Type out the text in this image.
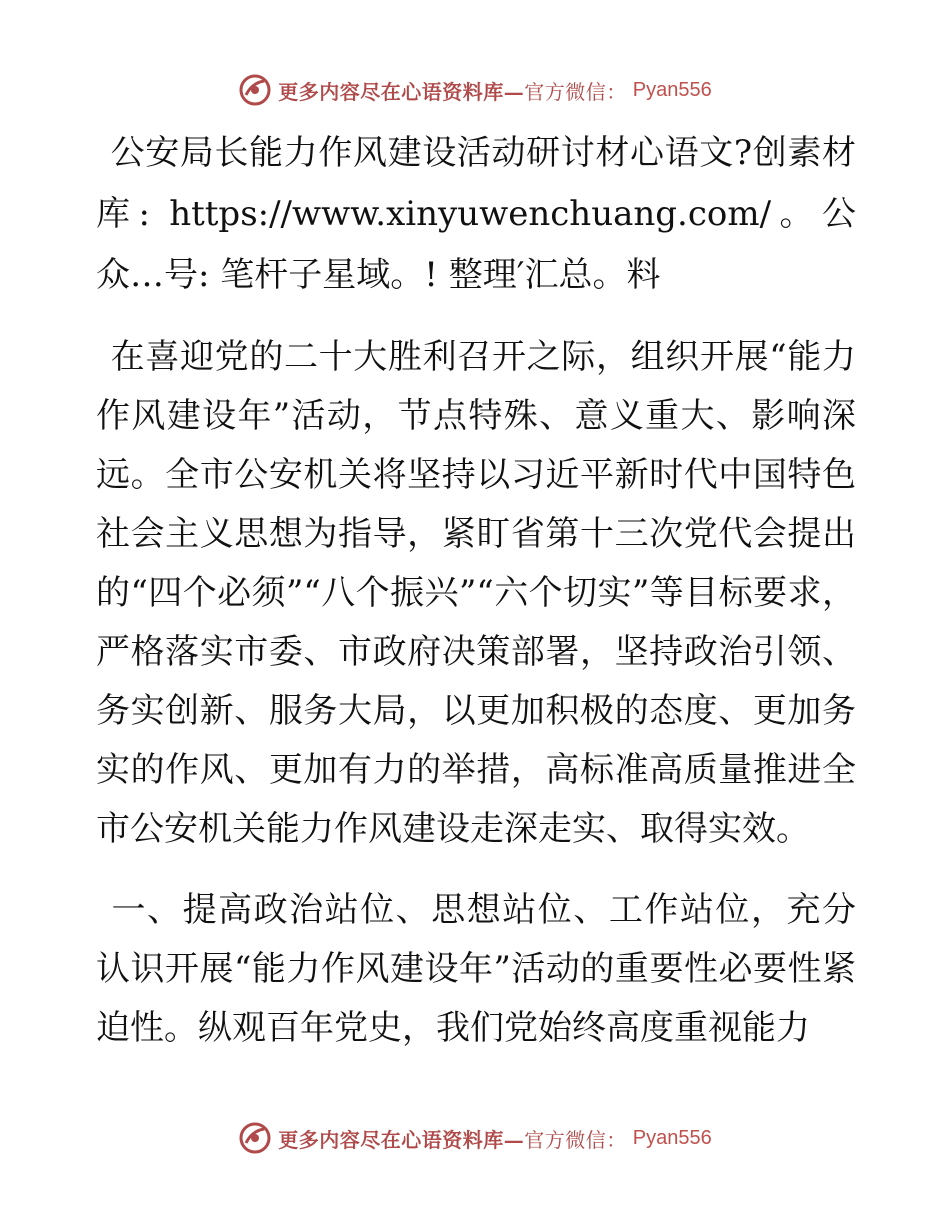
更多内容尽在心语资料库—官方微信： Pyan556

公安局长能力作风建设活动研讨材心语文?创素材库: https://www.xinyuwenchuang.com/。公众…号: 笔杆子星域。! 整理′汇总。料

在喜迎党的二十大胜利召开之际，组织开展“能力作风建设年”活动，节点特殊、意义重大、影响深远。全市公安机关将坚持以习近平新时代中国特色社会主义思想为指导，紧盯省第十三次党代会提出的“四个必须”“八个振兴”“六个切实”等目标要求，严格落实市委、市政府决策部署，坚持政治引领、务实创新、服务大局，以更加积极的态度、更加务实的作风、更加有力的举措，高标准高质量推进全市公安机关能力作风建设走深走实、取得实效。

一、提高政治站位、思想站位、工作站位，充分认识开展“能力作风建设年”活动的重要性必要性紧迫性。纵观百年党史，我们党始终高度重视能力

更多内容尽在心语资料库—官方微信： Pyan556
